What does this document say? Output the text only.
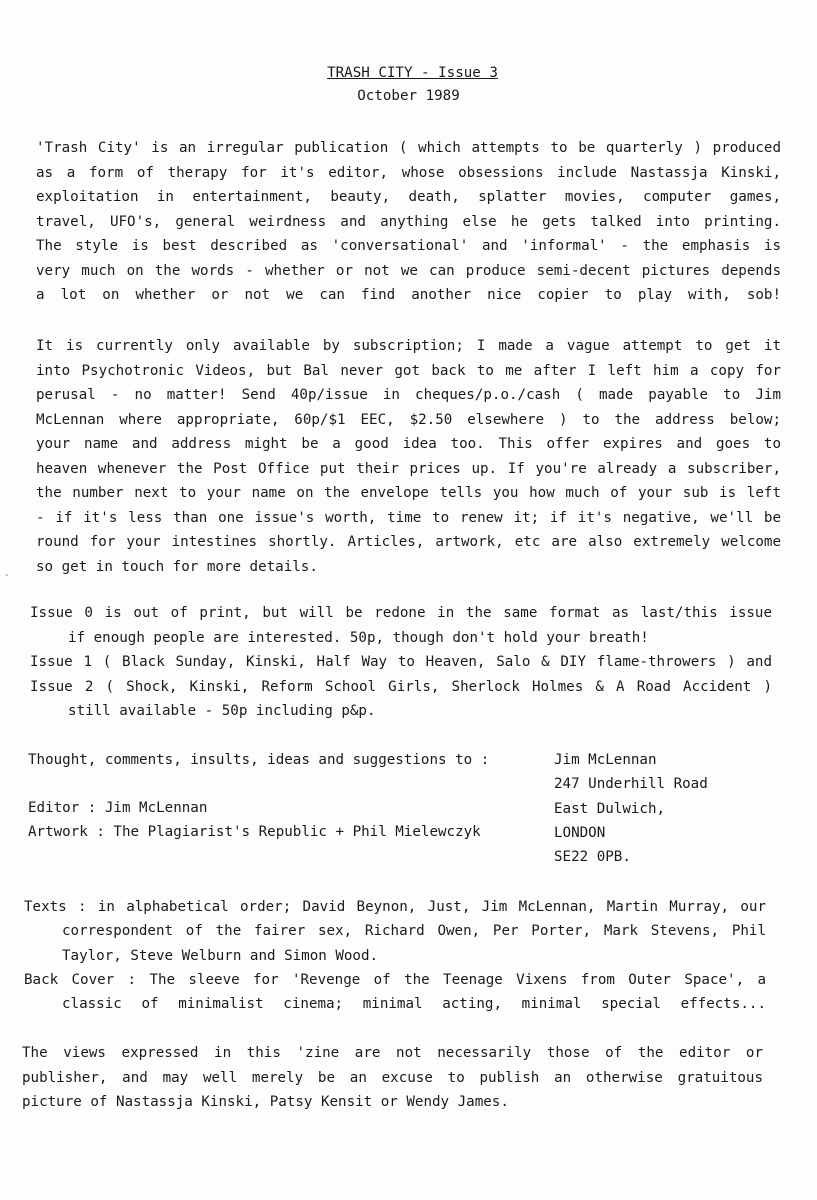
TRASH CITY - Issue 3
October 1989
'Trash City' is an irregular publication ( which attempts to be quarterly ) produced
as a form of therapy for it's editor, whose obsessions include Nastassja Kinski,
exploitation in entertainment, beauty, death, splatter movies, computer games,
travel, UFO's, general weirdness and anything else he gets talked into printing.
The style is best described as 'conversational' and 'informal' - the emphasis is
very much on the words - whether or not we can produce semi-decent pictures depends
a lot on whether or not we can find another nice copier to play with, sob!
It is currently only available by subscription; I made a vague attempt to get it
into Psychotronic Videos, but Bal never got back to me after I left him a copy for
perusal - no matter! Send 40p/issue in cheques/p.o./cash ( made payable to Jim
McLennan where appropriate, 60p/$1 EEC, $2.50 elsewhere ) to the address below;
your name and address might be a good idea too. This offer expires and goes to
heaven whenever the Post Office put their prices up. If you're already a subscriber,
the number next to your name on the envelope tells you how much of your sub is left
- if it's less than one issue's worth, time to renew it; if it's negative, we'll be
round for your intestines shortly. Articles, artwork, etc are also extremely welcome
so get in touch for more details.
-
Issue 0 is out of print, but will be redone in the same format as last/this issue
if enough people are interested. 50p, though don't hold your breath!
Issue 1 ( Black Sunday, Kinski, Half Way to Heaven, Salo & DIY flame-throwers ) and
Issue 2 ( Shock, Kinski, Reform School Girls, Sherlock Holmes & A Road Accident )
still available - 50p including p&p.
Thought, comments, insults, ideas and suggestions to :
Editor : Jim McLennan
Artwork : The Plagiarist's Republic + Phil Mielewczyk
Jim McLennan
247 Underhill Road
East Dulwich,
LONDON
SE22 0PB.
Texts : in alphabetical order; David Beynon, Just, Jim McLennan, Martin Murray, our
correspondent of the fairer sex, Richard Owen, Per Porter, Mark Stevens, Phil
Taylor, Steve Welburn and Simon Wood.
Back Cover : The sleeve for 'Revenge of the Teenage Vixens from Outer Space', a
classic of minimalist cinema; minimal acting, minimal special effects...
The views expressed in this 'zine are not necessarily those of the editor or
publisher, and may well merely be an excuse to publish an otherwise gratuitous
picture of Nastassja Kinski, Patsy Kensit or Wendy James.
